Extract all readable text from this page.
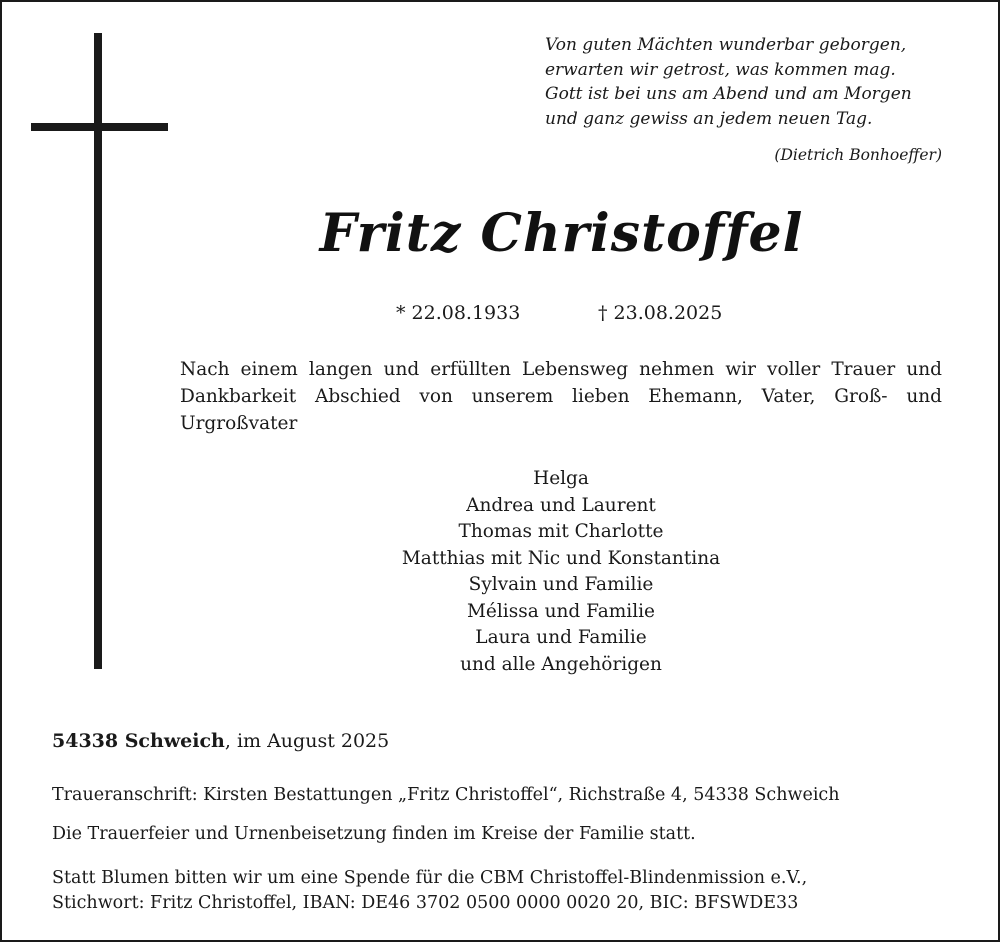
Von guten Mächten wunderbar geborgen,
erwarten wir getrost, was kommen mag.
Gott ist bei uns am Abend und am Morgen
und ganz gewiss an jedem neuen Tag.
(Dietrich Bonhoeffer)
Fritz Christoffel
* 22.08.1933	† 23.08.2025
Nach einem langen und erfüllten Lebensweg nehmen wir voller Trauer und Dankbarkeit Abschied von unserem lieben Ehemann, Vater, Groß- und Urgroßvater
Helga
Andrea und Laurent
Thomas mit Charlotte
Matthias mit Nic und Konstantina
Sylvain und Familie
Mélissa und Familie
Laura und Familie
und alle Angehörigen
54338 Schweich, im August 2025
Traueranschrift: Kirsten Bestattungen „Fritz Christoffel“, Richstraße 4, 54338 Schweich
Die Trauerfeier und Urnenbeisetzung finden im Kreise der Familie statt.
Statt Blumen bitten wir um eine Spende für die CBM Christoffel-Blindenmission e.V.,
Stichwort: Fritz Christoffel, IBAN: DE46 3702 0500 0000 0020 20, BIC: BFSWDE33
